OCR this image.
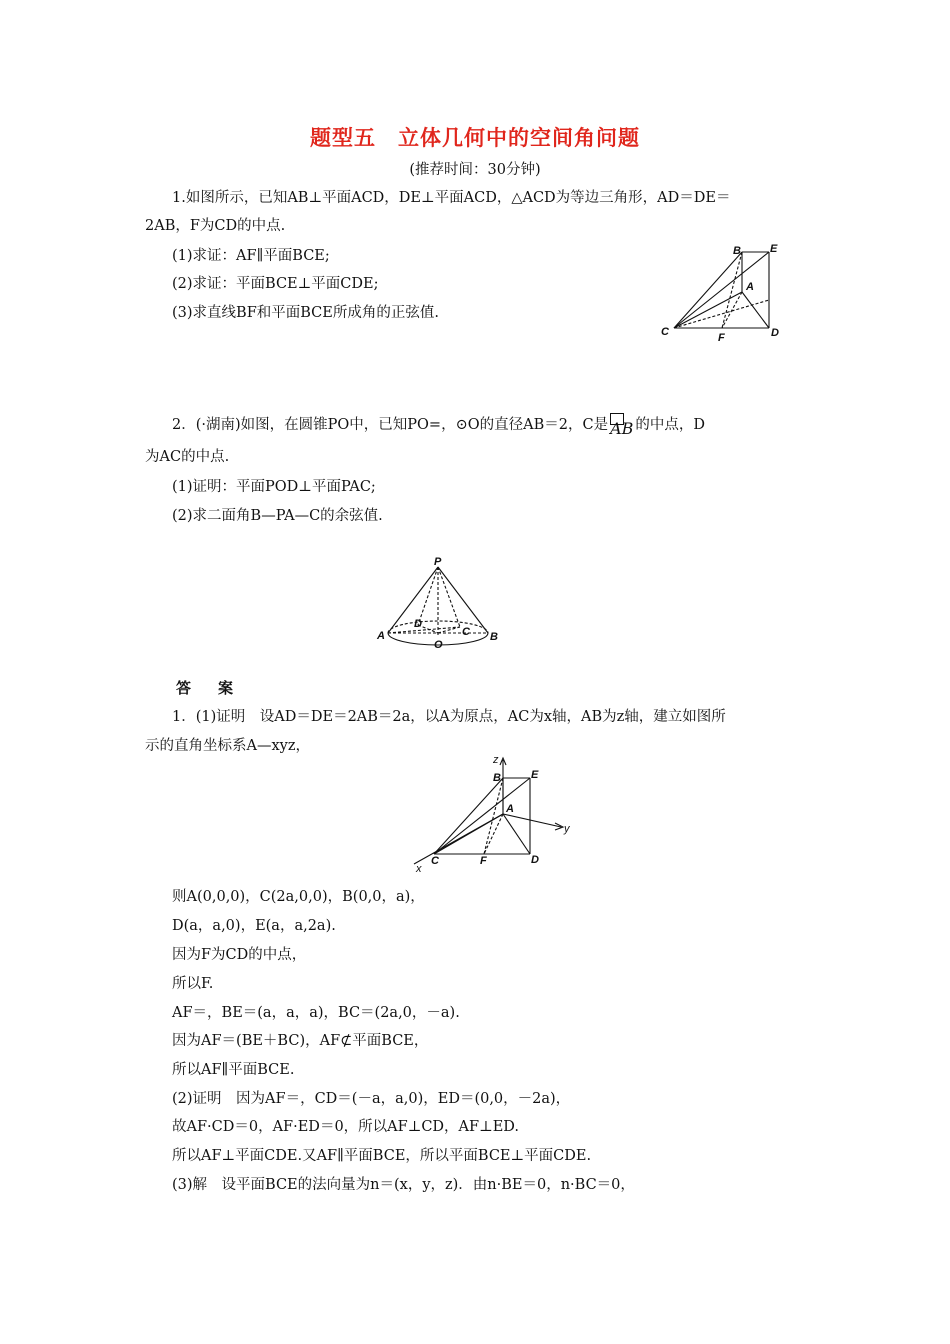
题型五　立体几何中的空间角问题
(推荐时间：30分钟)
1.如图所示，已知AB⊥平面ACD，DE⊥平面ACD，△ACD为等边三角形，AD＝DE＝
2AB，F为CD的中点.
(1)求证：AF∥平面BCE;
(2)求证：平面BCE⊥平面CDE;
(3)求直线BF和平面BCE所成角的正弦值.
B	E
A
C	F	D
2．(·湖南)如图，在圆锥PO中，已知PO=，⊙O的直径AB＝2，C是 AB 的中点，D
为AC的中点.
(1)证明：平面POD⊥平面PAC;
(2)求二面角B—PA—C的余弦值.
P
A
D
C B
O
答　案
1．(1)证明　设AD＝DE＝2AB＝2a，以A为原点，AC为x轴，AB为z轴，建立如图所
示的直角坐标系A—xyz，
z
B	E
A
y
C	F	D
x
则A(0,0,0)，C(2a,0,0)，B(0,0，a)，
D(a，a,0)，E(a，a,2a).
因为F为CD的中点，
所以F.
AF＝，BE＝(a，a，a)，BC＝(2a,0，－a).
因为AF＝(BE＋BC)，AF⊄平面BCE，
所以AF∥平面BCE.
(2)证明　因为AF＝，CD＝(－a，a,0)，ED＝(0,0，－2a)，
故AF·CD＝0，AF·ED＝0，所以AF⊥CD，AF⊥ED.
所以AF⊥平面CDE.又AF∥平面BCE，所以平面BCE⊥平面CDE.
(3)解　设平面BCE的法向量为n＝(x，y，z)．由n·BE＝0，n·BC＝0，
